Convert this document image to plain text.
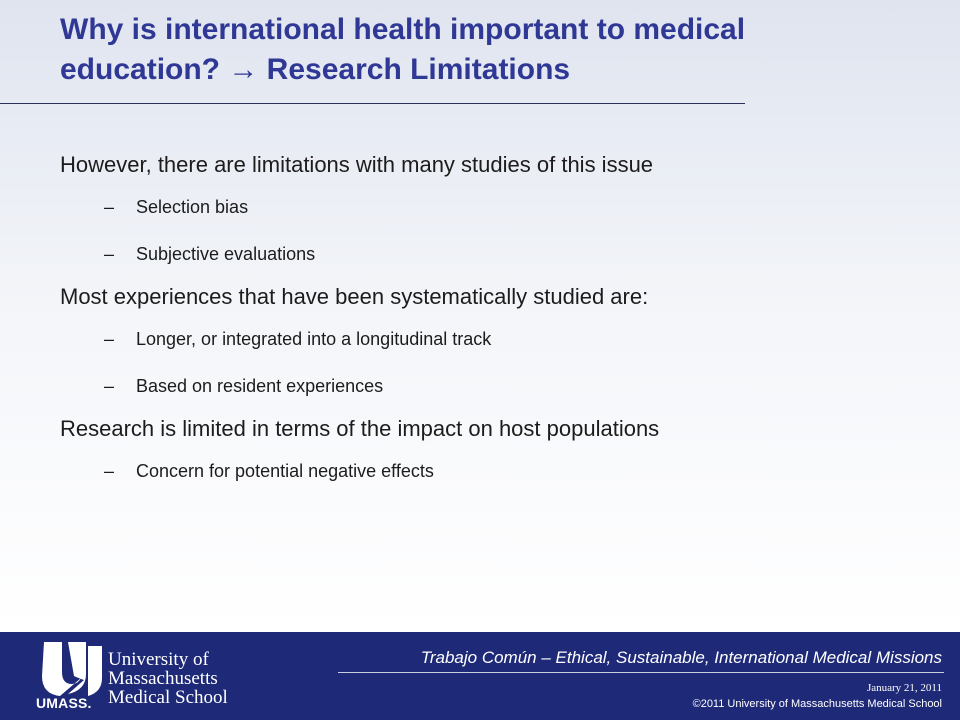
Why is international health important to medical
education? → Research Limitations

However, there are limitations with many studies of this issue

–	Selection bias
–	Subjective evaluations

Most experiences that have been systematically studied are:

–	Longer, or integrated into a longitudinal track
–	Based on resident experiences

Research is limited in terms of the impact on host populations

–	Concern for potential negative effects
UMASS.
University of
Massachusetts
Medical School
Trabajo Común – Ethical, Sustainable, International Medical Missions
January 21, 2011
©2011 University of Massachusetts Medical School
